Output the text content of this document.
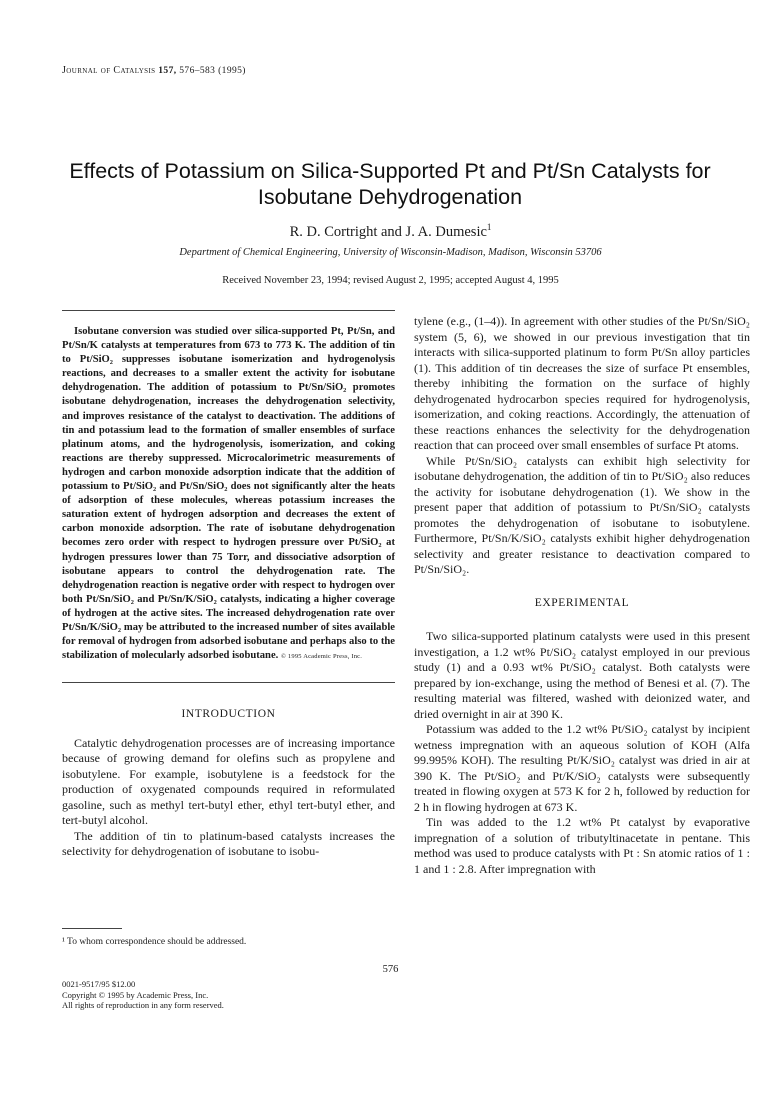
Journal of Catalysis 157, 576–583 (1995)
Effects of Potassium on Silica-Supported Pt and Pt/Sn Catalysts for Isobutane Dehydrogenation
R. D. Cortright and J. A. Dumesic$^1$
Department of Chemical Engineering, University of Wisconsin-Madison, Madison, Wisconsin 53706
Received November 23, 1994; revised August 2, 1995; accepted August 4, 1995
Isobutane conversion was studied over silica-supported Pt, Pt/Sn, and Pt/Sn/K catalysts at temperatures from 673 to 773 K. The addition of tin to Pt/SiO₂ suppresses isobutane isomerization and hydrogenolysis reactions, and decreases to a smaller extent the activity for isobutane dehydrogenation. The addition of potassium to Pt/Sn/SiO₂ promotes isobutane dehydrogenation, increases the dehydrogenation selectivity, and improves resistance of the catalyst to deactivation. The additions of tin and potassium lead to the formation of smaller ensembles of surface platinum atoms, and the hydrogenolysis, isomerization, and coking reactions are thereby suppressed. Microcalorimetric measurements of hydrogen and carbon monoxide adsorption indicate that the addition of potassium to Pt/SiO₂ and Pt/Sn/SiO₂ does not significantly alter the heats of adsorption of these molecules, whereas potassium increases the saturation extent of hydrogen adsorption and decreases the extent of carbon monoxide adsorption. The rate of isobutane dehydrogenation becomes zero order with respect to hydrogen pressure over Pt/SiO₂ at hydrogen pressures lower than 75 Torr, and dissociative adsorption of isobutane appears to control the dehydrogenation rate. The dehydrogenation reaction is negative order with respect to hydrogen over both Pt/Sn/SiO₂ and Pt/Sn/K/SiO₂ catalysts, indicating a higher coverage of hydrogen at the active sites. The increased dehydrogenation rate over Pt/Sn/K/SiO₂ may be attributed to the increased number of sites available for removal of hydrogen from adsorbed isobutane and perhaps also to the stabilization of molecularly adsorbed isobutane. © 1995 Academic Press, Inc.
INTRODUCTION

Catalytic dehydrogenation processes are of increasing importance because of growing demand for olefins such as propylene and isobutylene. For example, isobutylene is a feedstock for the production of oxygenated compounds required in reformulated gasoline, such as methyl tert-butyl ether, ethyl tert-butyl ether, and tert-butyl alcohol.

The addition of tin to platinum-based catalysts increases the selectivity for dehydrogenation of isobutane to isobu-

tylene (e.g., (1–4)). In agreement with other studies of the Pt/Sn/SiO₂ system (5, 6), we showed in our previous investigation that tin interacts with silica-supported platinum to form Pt/Sn alloy particles (1). This addition of tin decreases the size of surface Pt ensembles, thereby inhibiting the formation on the surface of highly dehydrogenated hydrocarbon species required for hydrogenolysis, isomerization, and coking reactions. Accordingly, the attenuation of these reactions enhances the selectivity for the dehydrogenation reaction that can proceed over small ensembles of surface Pt atoms.

While Pt/Sn/SiO₂ catalysts can exhibit high selectivity for isobutane dehydrogenation, the addition of tin to Pt/SiO₂ also reduces the activity for isobutane dehydrogenation (1). We show in the present paper that addition of potassium to Pt/Sn/SiO₂ catalysts promotes the dehydrogenation of isobutane to isobutylene. Furthermore, Pt/Sn/K/SiO₂ catalysts exhibit higher dehydrogenation selectivity and greater resistance to deactivation compared to Pt/Sn/SiO₂.

EXPERIMENTAL

Two silica-supported platinum catalysts were used in this present investigation, a 1.2 wt% Pt/SiO₂ catalyst employed in our previous study (1) and a 0.93 wt% Pt/SiO₂ catalyst. Both catalysts were prepared by ion-exchange, using the method of Benesi et al. (7). The resulting material was filtered, washed with deionized water, and dried overnight in air at 390 K.

Potassium was added to the 1.2 wt% Pt/SiO₂ catalyst by incipient wetness impregnation with an aqueous solution of KOH (Alfa 99.995% KOH). The resulting Pt/K/SiO₂ catalyst was dried in air at 390 K. The Pt/SiO₂ and Pt/K/SiO₂ catalysts were subsequently treated in flowing oxygen at 573 K for 2 h, followed by reduction for 2 h in flowing hydrogen at 673 K.

Tin was added to the 1.2 wt% Pt catalyst by evaporative impregnation of a solution of tributyltinacetate in pentane. This method was used to produce catalysts with Pt : Sn atomic ratios of 1 : 1 and 1 : 2.8. After impregnation with

¹ To whom correspondence should be addressed.
576
0021-9517/95 $12.00
Copyright © 1995 by Academic Press, Inc.
All rights of reproduction in any form reserved.
